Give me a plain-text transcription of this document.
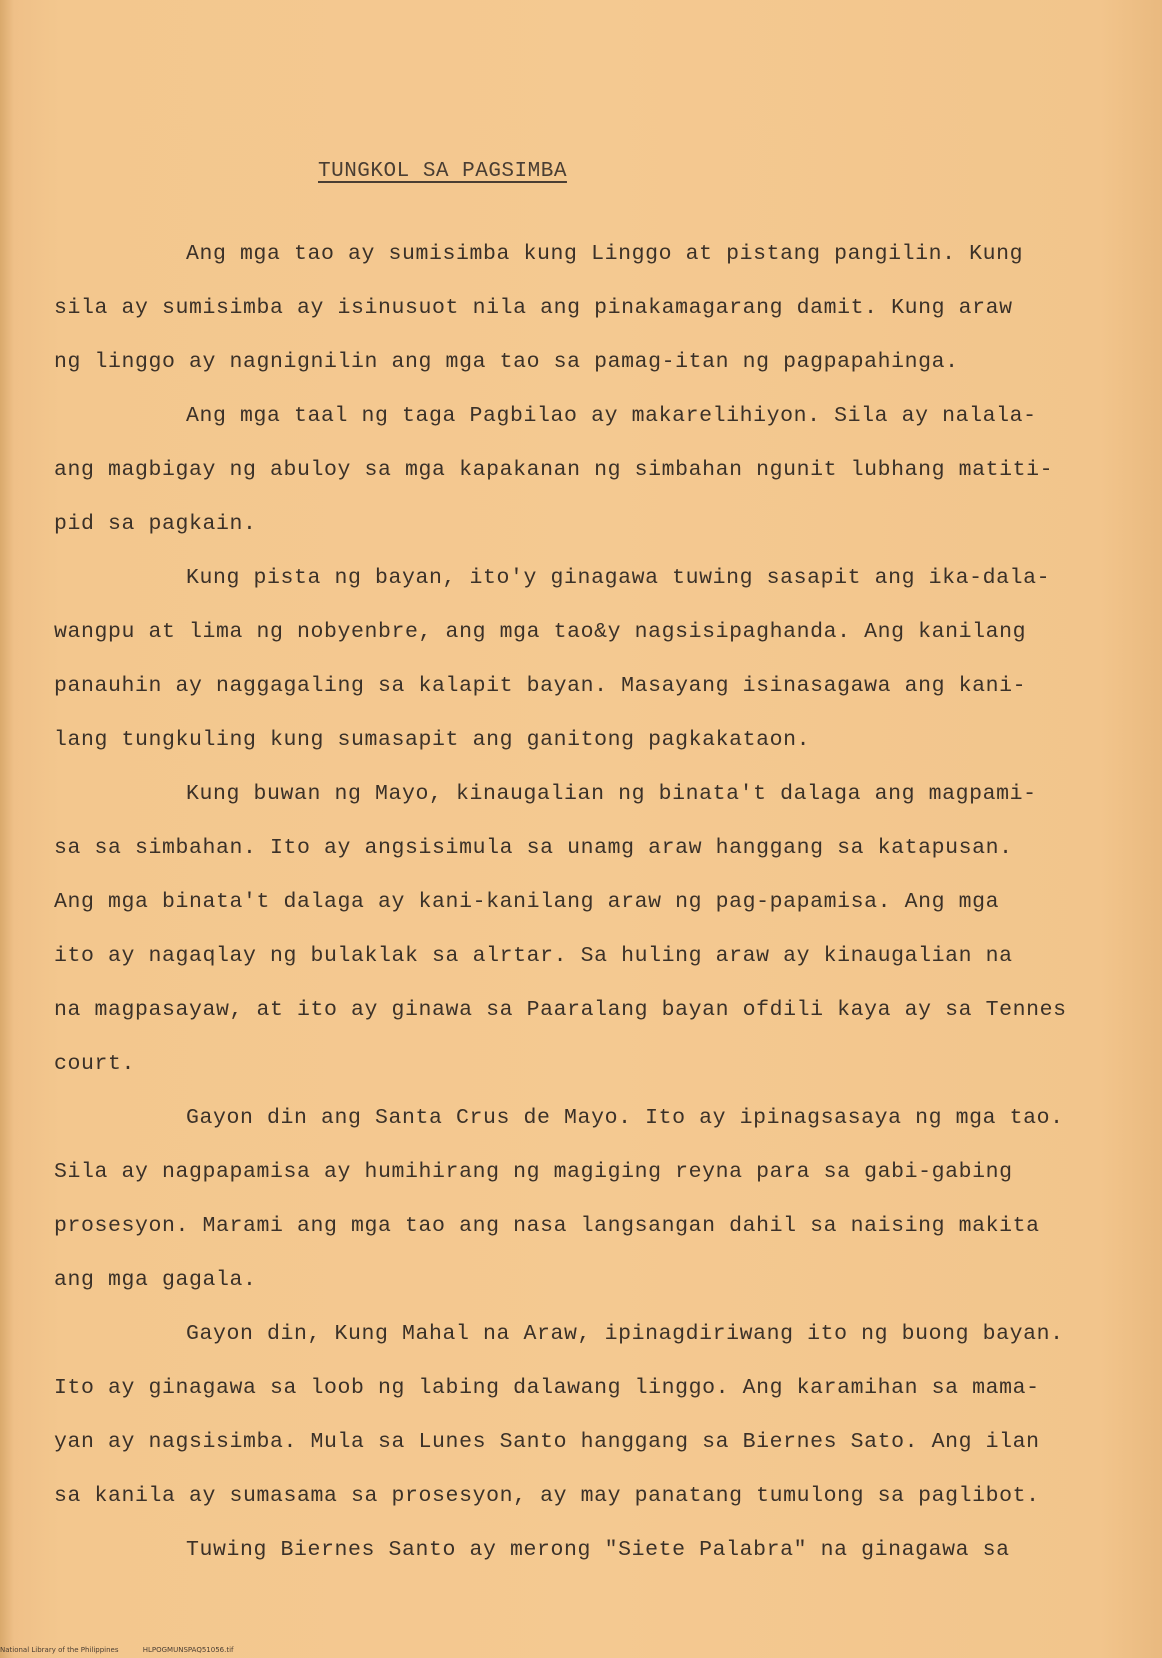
TUNGKOL SA PAGSIMBA
Ang mga tao ay sumisimba kung Linggo at pistang pangilin. Kung
sila ay sumisimba ay isinusuot nila ang pinakamagarang damit. Kung araw
ng linggo ay nagnignilin ang mga tao sa pamag-itan ng pagpapahinga.
Ang mga taal ng taga Pagbilao ay makarelihiyon. Sila ay nalala-
ang magbigay ng abuloy sa mga kapakanan ng simbahan ngunit lubhang matiti-
pid sa pagkain.
Kung pista ng bayan, ito'y ginagawa tuwing sasapit ang ika-dala-
wangpu at lima ng nobyenbre, ang mga tao&y nagsisipaghanda. Ang kanilang
panauhin ay naggagaling sa kalapit bayan. Masayang isinasagawa ang kani-
lang tungkuling kung sumasapit ang ganitong pagkakataon.
Kung buwan ng Mayo, kinaugalian ng binata't dalaga ang magpami-
sa sa simbahan. Ito ay angsisimula sa unamg araw hanggang sa katapusan.
Ang mga binata't dalaga ay kani-kanilang araw ng pag-papamisa. Ang mga
ito ay nagaqlay ng bulaklak sa alrtar. Sa huling araw ay kinaugalian na
na magpasayaw, at ito ay ginawa sa Paaralang bayan ofdili kaya ay sa Tennes
court.
Gayon din ang Santa Crus de Mayo. Ito ay ipinagsasaya ng mga tao.
Sila ay nagpapamisa ay humihirang ng magiging reyna para sa gabi-gabing
prosesyon. Marami ang mga tao ang nasa langsangan dahil sa naising makita
ang mga gagala.
Gayon din, Kung Mahal na Araw, ipinagdiriwang ito ng buong bayan.
Ito ay ginagawa sa loob ng labing dalawang linggo. Ang karamihan sa mama-
yan ay nagsisimba. Mula sa Lunes Santo hanggang sa Biernes Sato. Ang ilan
sa kanila ay sumasama sa prosesyon, ay may panatang tumulong sa paglibot.
Tuwing Biernes Santo ay merong "Siete Palabra" na ginagawa sa
National Library of the Philippines	HLPOGMUNSPAQ51056.tif
